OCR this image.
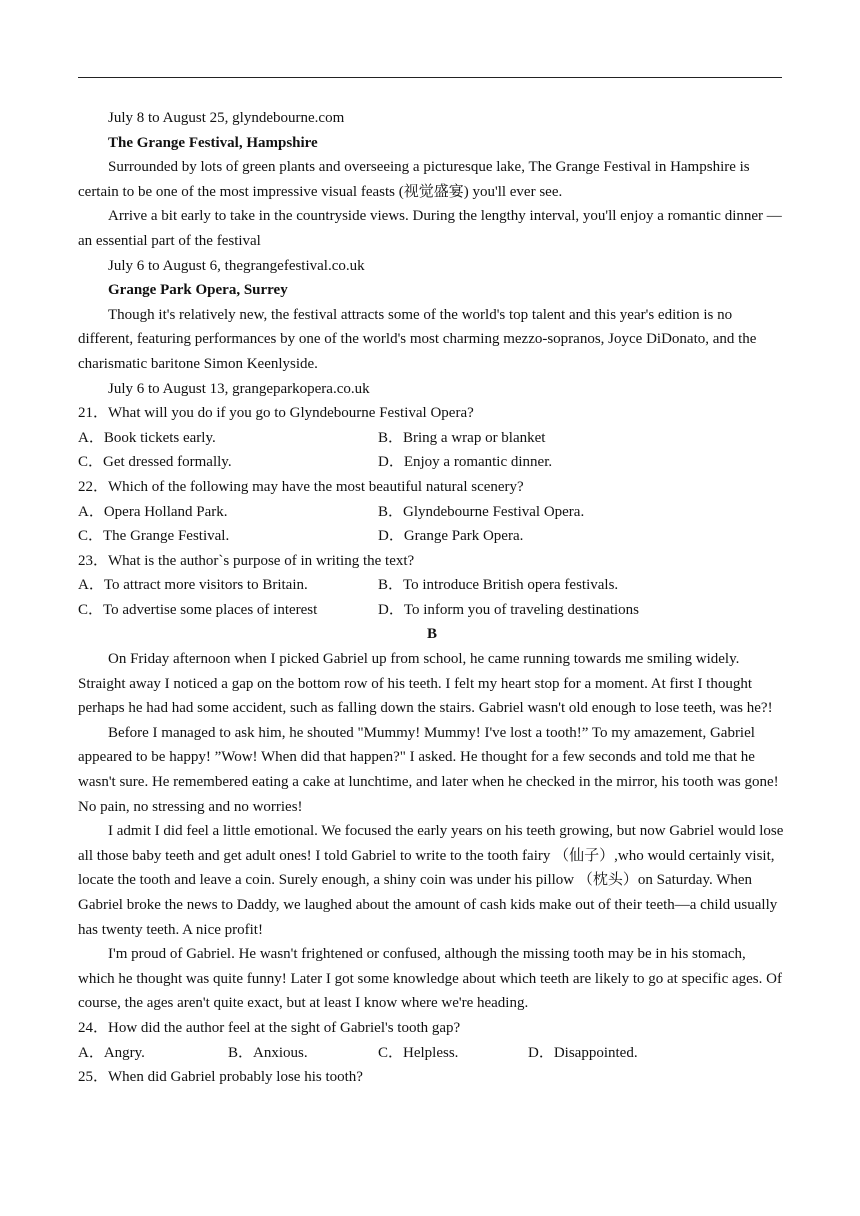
July 8 to August 25, glyndebourne.com

The Grange Festival, Hampshire

Surrounded by lots of green plants and overseeing a picturesque lake, The Grange Festival in Hampshire is certain to be one of the most impressive visual feasts (视觉盛宴) you'll ever see.

Arrive a bit early to take in the countryside views. During the lengthy interval, you'll enjoy a romantic dinner — an essential part of the festival

July 6 to August 6, thegrangefestival.co.uk

Grange Park Opera, Surrey

Though it's relatively new, the festival attracts some of the world's top talent and this year's edition is no different, featuring performances by one of the world's most charming mezzo-sopranos, Joyce DiDonato, and the charismatic baritone Simon Keenlyside.

July 6 to August 13, grangeparkopera.co.uk

21．What will you do if you go to Glyndebourne Festival Opera?

A．Book tickets early.	B．Bring a wrap or blanket
C．Get dressed formally.	D．Enjoy a romantic dinner.

22．Which of the following may have the most beautiful natural scenery?

A．Opera Holland Park.	B．Glyndebourne Festival Opera.
C．The Grange Festival.	D．Grange Park Opera.

23．What is the author`s purpose of in writing the text?

A．To attract more visitors to Britain.	B．To introduce British opera festivals.
C．To advertise some places of interest	D．To inform you of traveling destinations

B

On Friday afternoon when I picked Gabriel up from school, he came running towards me smiling widely. Straight away I noticed a gap on the bottom row of his teeth. I felt my heart stop for a moment. At first I thought perhaps he had had some accident, such as falling down the stairs. Gabriel wasn't old enough to lose teeth, was he?!

Before I managed to ask him, he shouted "Mummy! Mummy! I've lost a tooth!” To my amazement, Gabriel appeared to be happy! ”Wow! When did that happen?" I asked. He thought for a few seconds and told me that he wasn't sure. He remembered eating a cake at lunchtime, and later when he checked in the mirror, his tooth was gone! No pain, no stressing and no worries!

I admit I did feel a little emotional. We focused the early years on his teeth growing, but now Gabriel would lose all those baby teeth and get adult ones! I told Gabriel to write to the tooth fairy （仙子）,who would certainly visit, locate the tooth and leave a coin. Surely enough, a shiny coin was under his pillow （枕头）on Saturday. When Gabriel broke the news to Daddy, we laughed about the amount of cash kids make out of their teeth—a child usually has twenty teeth. A nice profit!

I'm proud of Gabriel. He wasn't frightened or confused, although the missing tooth may be in his stomach, which he thought was quite funny! Later I got some knowledge about which teeth are likely to go at specific ages. Of course, the ages aren't quite exact, but at least I know where we're heading.

24．How did the author feel at the sight of Gabriel's tooth gap?

A．Angry.	B．Anxious.	C．Helpless.	D．Disappointed.

25．When did Gabriel probably lose his tooth?
